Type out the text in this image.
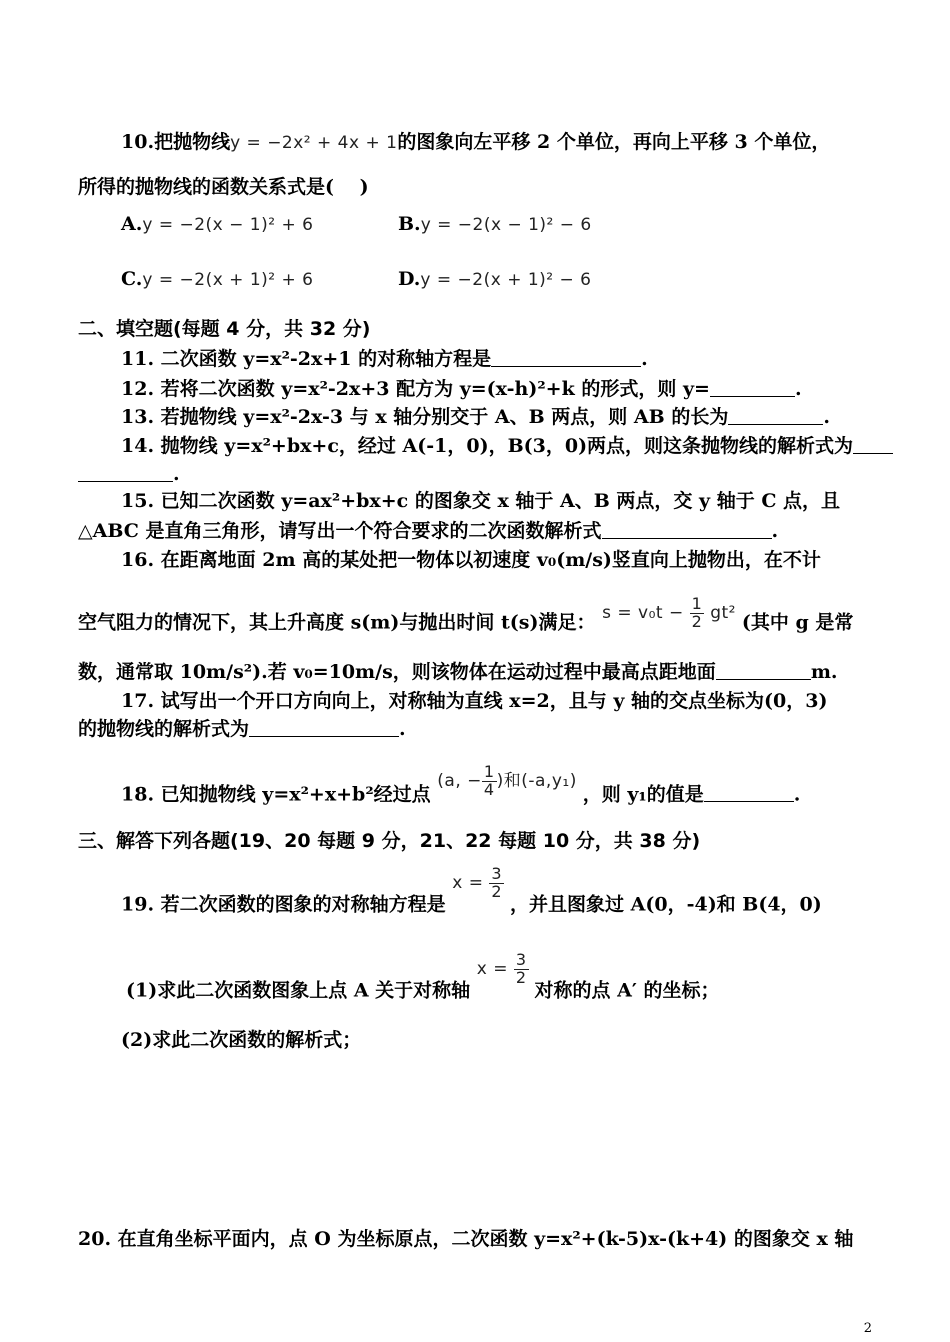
10.把抛物线y = −2x² + 4x + 1的图象向左平移 2 个单位，再向上平移 3 个单位，
所得的抛物线的函数关系式是(　 )
A.y = −2(x − 1)² + 6	B.y = −2(x − 1)² − 6
C.y = −2(x + 1)² + 6	D.y = −2(x + 1)² − 6
二、填空题(每题 4 分，共 32 分)
11. 二次函数 y=x²-2x+1 的对称轴方程是	.
12. 若将二次函数 y=x²-2x+3 配方为 y=(x-h)²+k 的形式，则 y=	.
13. 若抛物线 y=x²-2x-3 与 x 轴分别交于 A、B 两点，则 AB 的长为	.
14. 抛物线 y=x²+bx+c，经过 A(-1，0)，B(3，0)两点，则这条抛物线的解析式为
.
15. 已知二次函数 y=ax²+bx+c 的图象交 x 轴于 A、B 两点，交 y 轴于 C 点，且
△ABC 是直角三角形，请写出一个符合要求的二次函数解析式	.
16. 在距离地面 2m 高的某处把一物体以初速度 v₀(m/s)竖直向上抛物出，在不计
空气阻力的情况下，其上升高度 s(m)与抛出时间 t(s)满足： $s = v_0t - \frac{1}{2} gt^2$ (其中 g 是常
数，通常取 10m/s²).若 v₀=10m/s，则该物体在运动过程中最高点距地面	m.
17. 试写出一个开口方向向上，对称轴为直线 x=2，且与 y 轴的交点坐标为(0，3)
的抛物线的解析式为	.
18. 已知抛物线 y=x²+x+b²经过点 (a, − $\frac{1}{4}$ )和(-a,y₁) ，则 y₁的值是	.
三、解答下列各题(19、20 每题 9 分，21、22 每题 10 分，共 38 分)
19. 若二次函数的图象的对称轴方程是 $x = \frac{3}{2}$
，并且图象过 A(0，-4)和 B(4，0)
(1)求此二次函数图象上点 A 关于对称轴 $x = \frac{3}{2}$
对称的点 A′ 的坐标；
(2)求此二次函数的解析式；
20. 在直角坐标平面内，点 O 为坐标原点，二次函数 y=x²+(k-5)x-(k+4) 的图象交 x 轴
2
